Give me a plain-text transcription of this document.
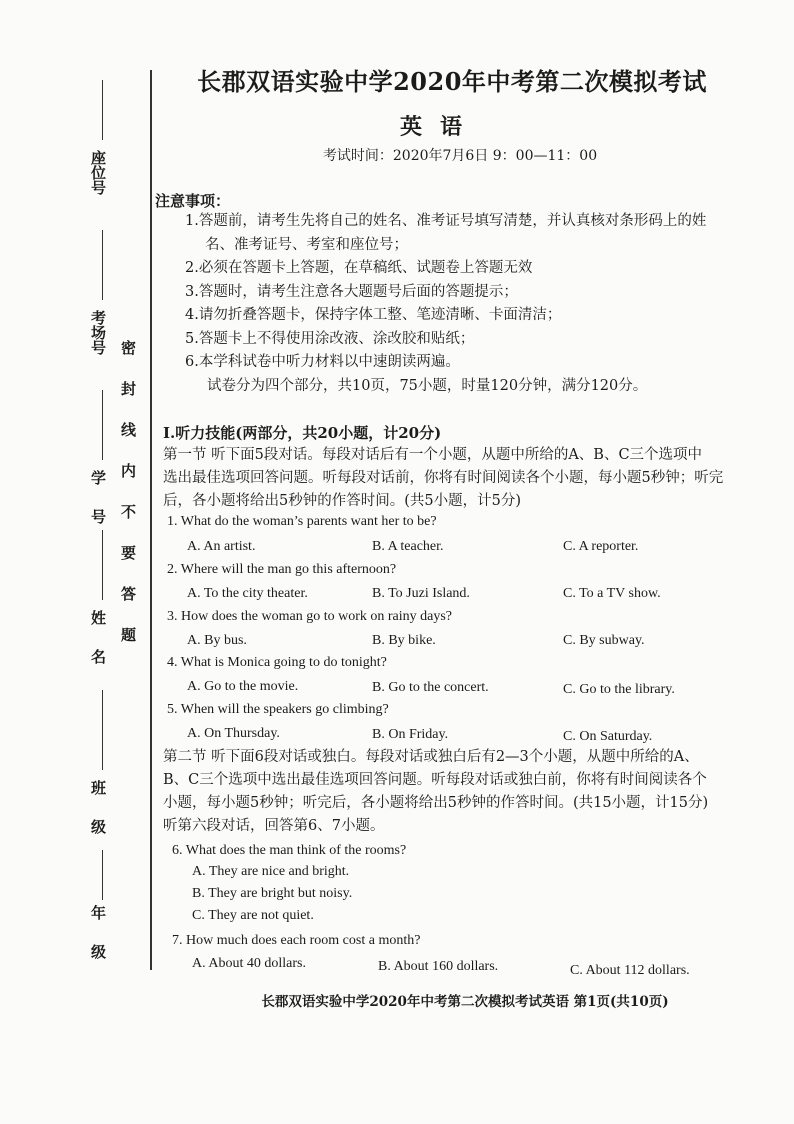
座位号
考场号
学号
姓名
班级
年级
密封线内不要答题
长郡双语实验中学2020年中考第二次模拟考试
英语
考试时间：2020年7月6日 9：00—11：00
注意事项：
1.答题前，请考生先将自己的姓名、准考证号填写清楚，并认真核对条形码上的姓
名、准考证号、考室和座位号；
2.必须在答题卡上答题，在草稿纸、试题卷上答题无效
3.答题时，请考生注意各大题题号后面的答题提示；
4.请勿折叠答题卡，保持字体工整、笔迹清晰、卡面清洁；
5.答题卡上不得使用涂改液、涂改胶和贴纸；
6.本学科试卷中听力材料以中速朗读两遍。
试卷分为四个部分，共10页，75小题，时量120分钟，满分120分。
Ⅰ.听力技能(两部分，共20小题，计20分)
第一节 听下面5段对话。每段对话后有一个小题，从题中所给的A、B、C三个选项中
选出最佳选项回答问题。听每段对话前，你将有时间阅读各个小题，每小题5秒钟；听完
后，各小题将给出5秒钟的作答时间。(共5小题，计5分)
1. What do the woman’s parents want her to be?
A. An artist.	B. A teacher.	C. A reporter.
2. Where will the man go this afternoon?
A. To the city theater.	B. To Juzi Island.	C. To a TV show.
3. How does the woman go to work on rainy days?
A. By bus.	B. By bike.	C. By subway.
4. What is Monica going to do tonight?
A. Go to the movie.	B. Go to the concert.	C. Go to the library.
5. When will the speakers go climbing?
A. On Thursday.	B. On Friday.	C. On Saturday.
第二节 听下面6段对话或独白。每段对话或独白后有2—3个小题，从题中所给的A、
B、C三个选项中选出最佳选项回答问题。听每段对话或独白前，你将有时间阅读各个
小题，每小题5秒钟；听完后，各小题将给出5秒钟的作答时间。(共15小题，计15分)
听第六段对话，回答第6、7小题。
6. What does the man think of the rooms?
A. They are nice and bright.
B. They are bright but noisy.
C. They are not quiet.
7. How much does each room cost a month?
A. About 40 dollars.	B. About 160 dollars.	C. About 112 dollars.
长郡双语实验中学2020年中考第二次模拟考试英语 第1页(共10页)
